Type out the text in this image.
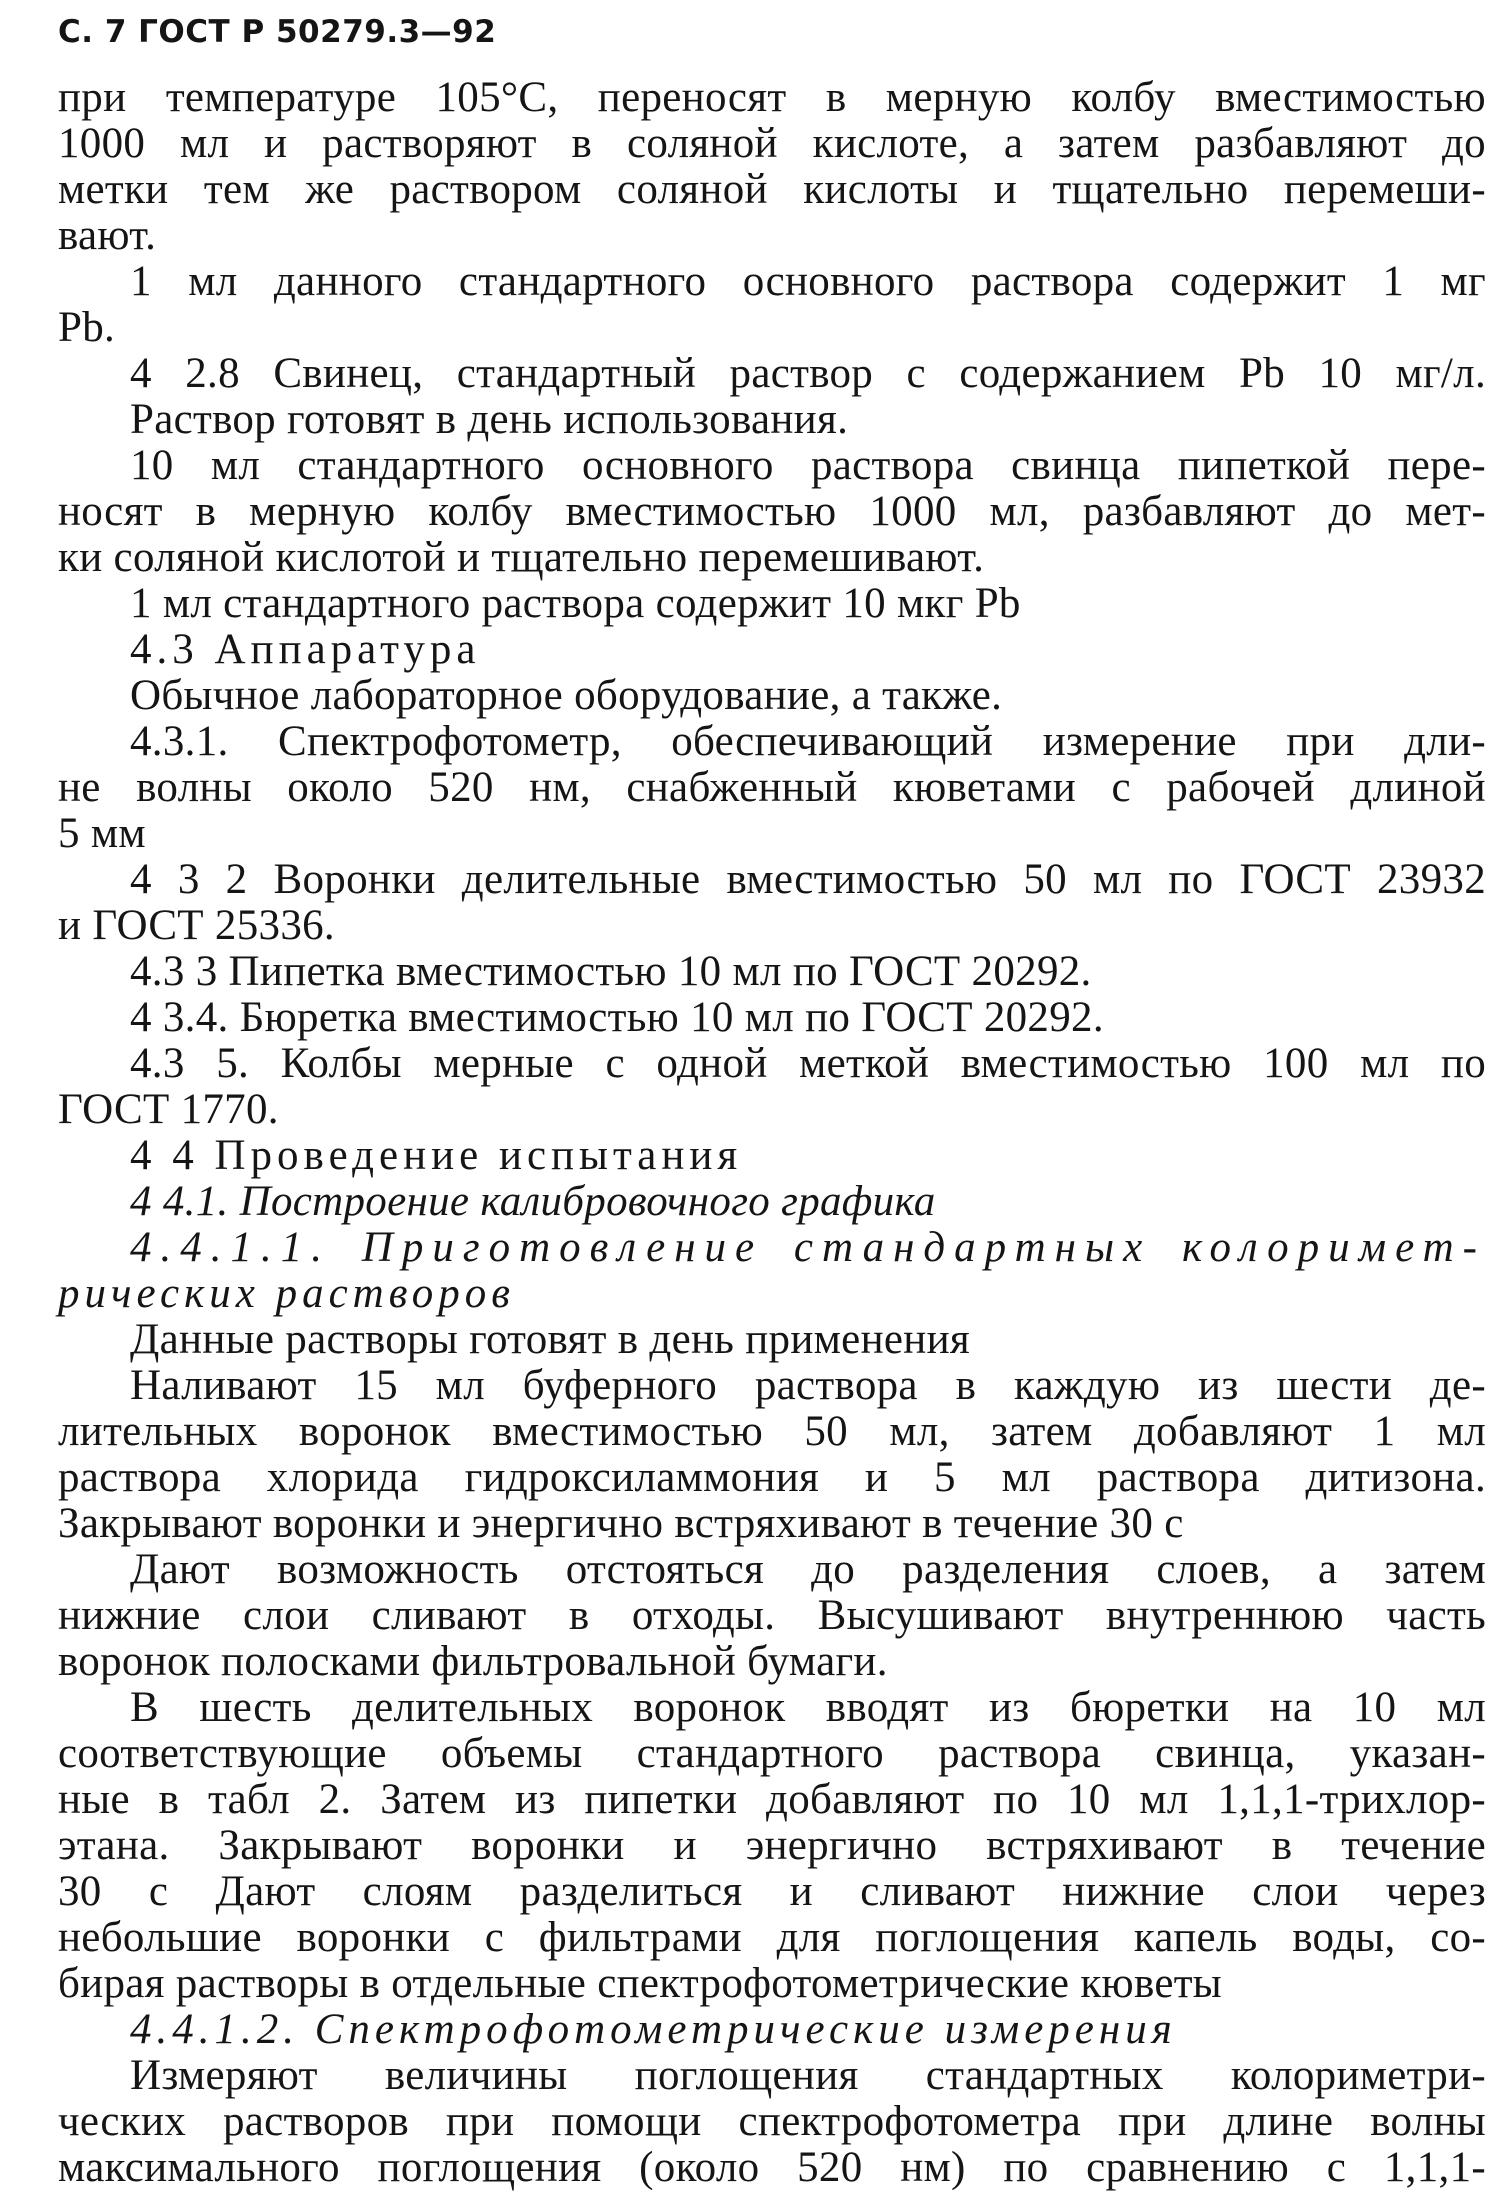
С. 7 ГОСТ Р 50279.3—92
при температуре 105°С, переносят в мерную колбу вместимостью
1000 мл и растворяют в соляной кислоте, а затем разбавляют до
метки тем же раствором соляной кислоты и тщательно перемеши-
вают.
1 мл данного стандартного основного раствора содержит 1 мг
Pb.
4 2.8 Свинец, стандартный раствор с содержанием Pb 10 мг/л.
Раствор готовят в день использования.
10 мл стандартного основного раствора свинца пипеткой пере-
носят в мерную колбу вместимостью 1000 мл, разбавляют до мет-
ки соляной кислотой и тщательно перемешивают.
1 мл стандартного раствора содержит 10 мкг Pb
4.3 Аппаратура
Обычное лабораторное оборудование, а также.
4.3.1. Спектрофотометр, обеспечивающий измерение при дли-
не волны около 520 нм, снабженный кюветами с рабочей длиной
5 мм
4 3 2 Воронки делительные вместимостью 50 мл по ГОСТ 23932
и ГОСТ 25336.
4.3 3 Пипетка вместимостью 10 мл по ГОСТ 20292.
4 3.4. Бюретка вместимостью 10 мл по ГОСТ 20292.
4.3 5. Колбы мерные с одной меткой вместимостью 100 мл по
ГОСТ 1770.
4 4 Проведение испытания
4 4.1. Построение калибровочного графика
4.4.1.1. Приготовление стандартных колоримет-
рических растворов
Данные растворы готовят в день применения
Наливают 15 мл буферного раствора в каждую из шести де-
лительных воронок вместимостью 50 мл, затем добавляют 1 мл
раствора хлорида гидроксиламмония и 5 мл раствора дитизона.
Закрывают воронки и энергично встряхивают в течение 30 с
Дают возможность отстояться до разделения слоев, а затем
нижние слои сливают в отходы. Высушивают внутреннюю часть
воронок полосками фильтровальной бумаги.
В шесть делительных воронок вводят из бюретки на 10 мл
соответствующие объемы стандартного раствора свинца, указан-
ные в табл 2. Затем из пипетки добавляют по 10 мл 1,1,1-трихлор-
этана. Закрывают воронки и энергично встряхивают в течение
30 с Дают слоям разделиться и сливают нижние слои через
небольшие воронки с фильтрами для поглощения капель воды, со-
бирая растворы в отдельные спектрофотометрические кюветы
4.4.1.2. Спектрофотометрические измерения
Измеряют величины поглощения стандартных колориметри-
ческих растворов при помощи спектрофотометра при длине волны
максимального поглощения (около 520 нм) по сравнению с 1,1,1-
